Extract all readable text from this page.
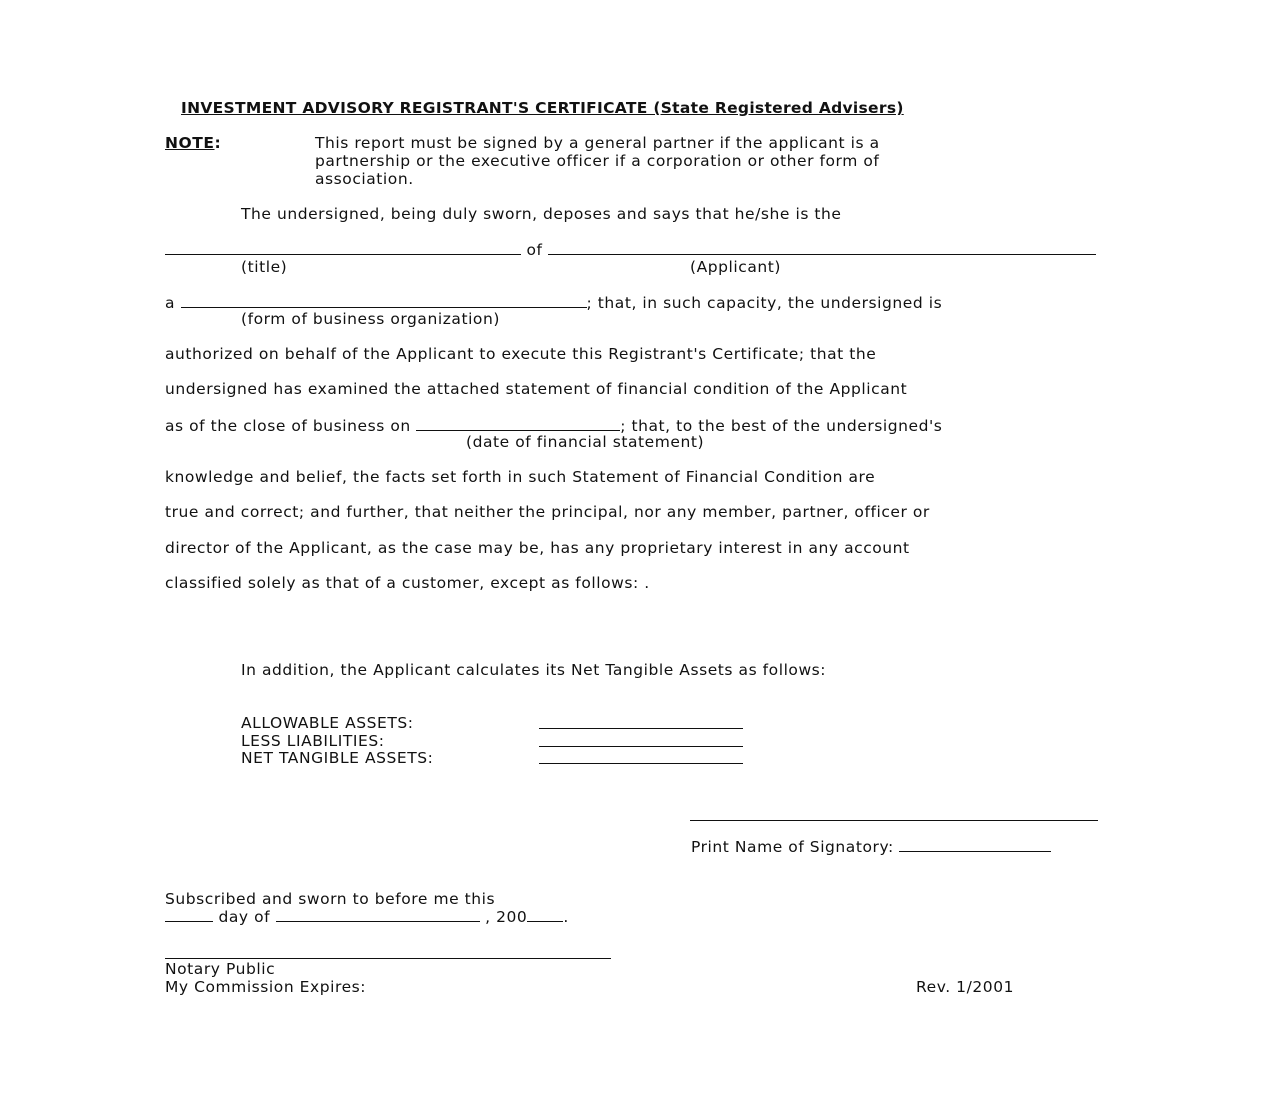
INVESTMENT ADVISORY REGISTRANT'S CERTIFICATE (State Registered Advisers)
NOTE:	This report must be signed by a general partner if the applicant is a
partnership or the executive officer if a corporation or other form of
association.
The undersigned, being duly sworn, deposes and says that he/she is the
of
(title)	(Applicant)
a	; that, in such capacity, the undersigned is
(form of business organization)
authorized on behalf of the Applicant to execute this Registrant's Certificate; that the
undersigned has examined the attached statement of financial condition of the Applicant
as of the close of business on	; that, to the best of the undersigned's
(date of financial statement)
knowledge and belief, the facts set forth in such Statement of Financial Condition are
true and correct; and further, that neither the principal, nor any member, partner, officer or
director of the Applicant, as the case may be, has any proprietary interest in any account
classified solely as that of a customer, except as follows: .
In addition, the Applicant calculates its Net Tangible Assets as follows:
ALLOWABLE ASSETS:
LESS LIABILITIES:
NET TANGIBLE ASSETS:
Print Name of Signatory:
Subscribed and sworn to before me this
day of	, 200 .
Notary Public
My Commission Expires:	Rev. 1/2001
